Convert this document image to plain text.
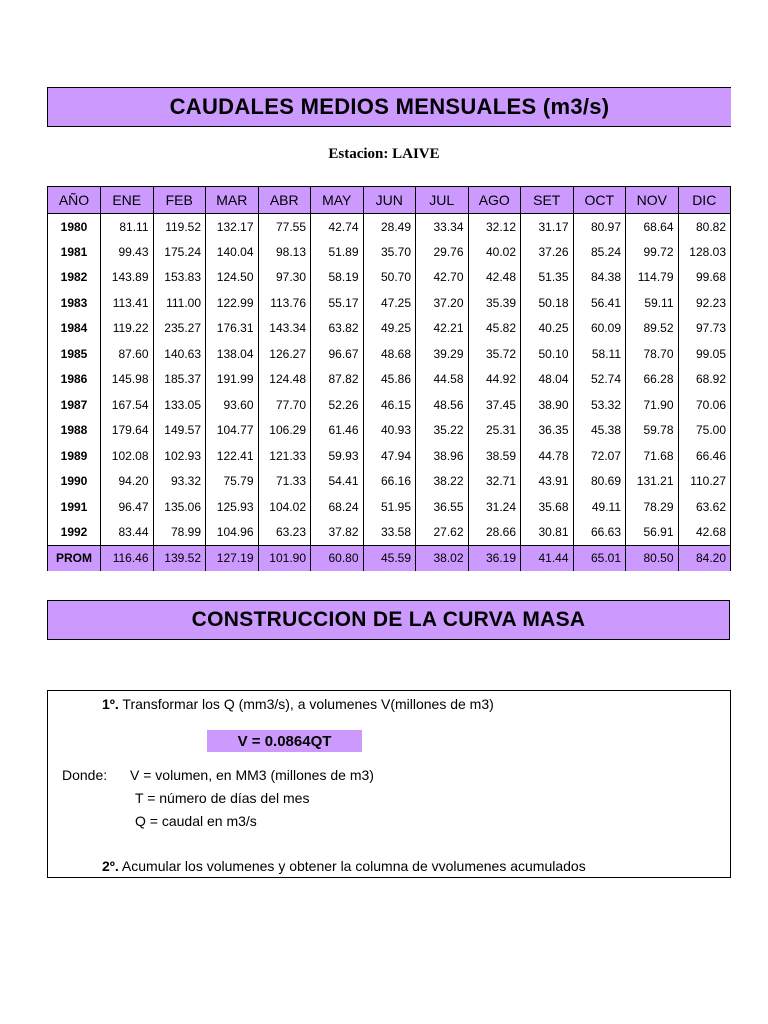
CAUDALES MEDIOS MENSUALES (m3/s)
Estacion: LAIVE
AÑO	ENE	FEB	MAR	ABR	MAY	JUN	JUL	AGO	SET	OCT	NOV	DIC
1980	81.11	119.52	132.17	77.55	42.74	28.49	33.34	32.12	31.17	80.97	68.64	80.82
1981	99.43	175.24	140.04	98.13	51.89	35.70	29.76	40.02	37.26	85.24	99.72	128.03
1982	143.89	153.83	124.50	97.30	58.19	50.70	42.70	42.48	51.35	84.38	114.79	99.68
1983	113.41	111.00	122.99	113.76	55.17	47.25	37.20	35.39	50.18	56.41	59.11	92.23
1984	119.22	235.27	176.31	143.34	63.82	49.25	42.21	45.82	40.25	60.09	89.52	97.73
1985	87.60	140.63	138.04	126.27	96.67	48.68	39.29	35.72	50.10	58.11	78.70	99.05
1986	145.98	185.37	191.99	124.48	87.82	45.86	44.58	44.92	48.04	52.74	66.28	68.92
1987	167.54	133.05	93.60	77.70	52.26	46.15	48.56	37.45	38.90	53.32	71.90	70.06
1988	179.64	149.57	104.77	106.29	61.46	40.93	35.22	25.31	36.35	45.38	59.78	75.00
1989	102.08	102.93	122.41	121.33	59.93	47.94	38.96	38.59	44.78	72.07	71.68	66.46
1990	94.20	93.32	75.79	71.33	54.41	66.16	38.22	32.71	43.91	80.69	131.21	110.27
1991	96.47	135.06	125.93	104.02	68.24	51.95	36.55	31.24	35.68	49.11	78.29	63.62
1992	83.44	78.99	104.96	63.23	37.82	33.58	27.62	28.66	30.81	66.63	56.91	42.68
PROM	116.46	139.52	127.19	101.90	60.80	45.59	38.02	36.19	41.44	65.01	80.50	84.20
CONSTRUCCION DE LA CURVA MASA
1º. Transformar los Q (mm3/s), a volumenes V(millones de m3)
V = 0.0864QT
Donde: V = volumen, en MM3 (millones de m3)
T = número de días del mes
Q = caudal en m3/s
2º. Acumular los volumenes y obtener la columna de vvolumenes acumulados
